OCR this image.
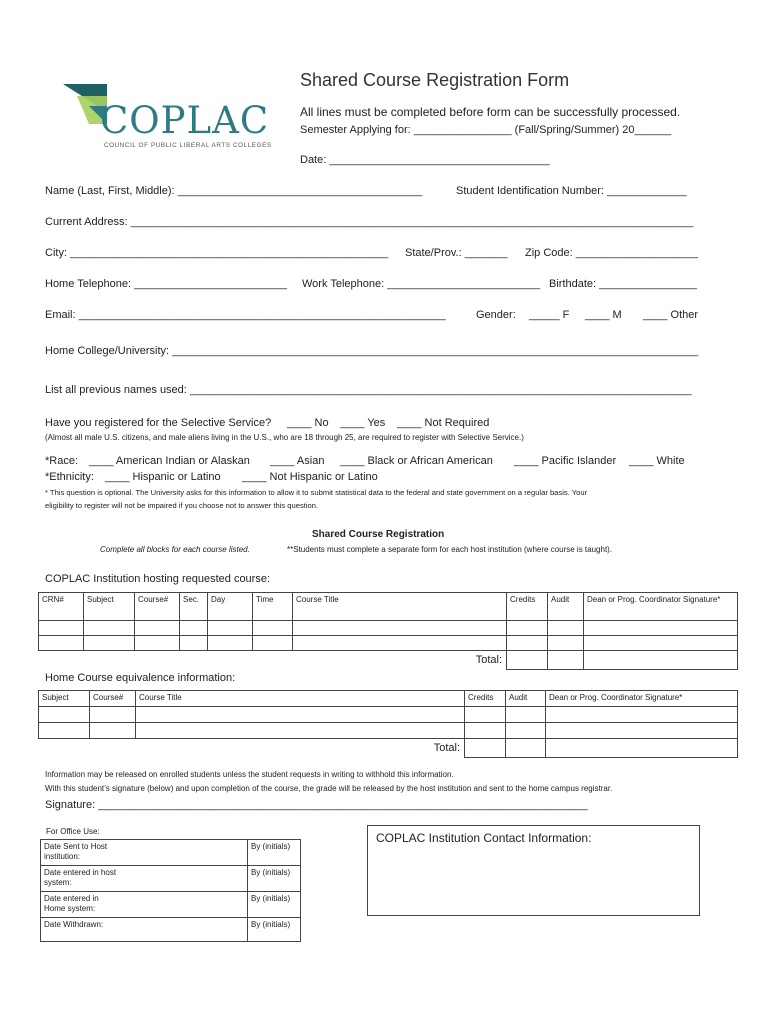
COPLAC
COUNCIL OF PUBLIC LIBERAL ARTS COLLEGES
Shared Course Registration Form
All lines must be completed before form can be successfully processed.
Semester Applying for: ________________ (Fall/Spring/Summer) 20______
Date: ____________________________________
Name (Last, First, Middle): ________________________________________	Student Identification Number: _____________
Current Address: ____________________________________________________________________________________________
City: ____________________________________________________ State/Prov.: _______ Zip Code: ____________________
Home Telephone: _________________________ Work Telephone: _________________________ Birthdate: ________________
Email: ____________________________________________________________	Gender: _____ F ____ M ____ Other
Home College/University: ______________________________________________________________________________________
List all previous names used: __________________________________________________________________________________
Have you registered for the Selective Service? ____ No ____ Yes ____ Not Required
(Almost all male U.S. citizens, and male aliens living in the U.S., who are 18 through 25, are required to register with Selective Service.)
*Race: ____ American Indian or Alaskan ____ Asian ____ Black or African American ____ Pacific Islander ____ White
*Ethnicity: ____ Hispanic or Latino ____ Not Hispanic or Latino
* This question is optional. The University asks for this information to allow it to submit statistical data to the federal and state government on a regular basis. Your
eligibility to register will not be impaired if you choose not to answer this question.
Shared Course Registration
Complete all blocks for each course listed.	**Students must complete a separate form for each host institution (where course is taught).
COPLAC Institution hosting requested course:
CRN#	Subject	Course#	Sec.	Day	Time	Course Title	Credits	Audit	Dean or Prog. Coordinator Signature*

Total:									
Home Course equivalence information:
Subject	Course#	Course Title	Credits	Audit	Dean or Prog. Coordinator Signature*

Total:					
Information may be released on enrolled students unless the student requests in writing to withhold this information.
With this student’s signature (below) and upon completion of the course, the grade will be released by the host institution and sent to the home campus registrar.
Signature: ________________________________________________________________________________
For Office Use:
Date Sent to Host institution:	By (initials)
Date entered in host system:	By (initials)
Date entered in Home system:	By (initials)
Date Withdrawn:	By (initials)
COPLAC Institution Contact Information:
